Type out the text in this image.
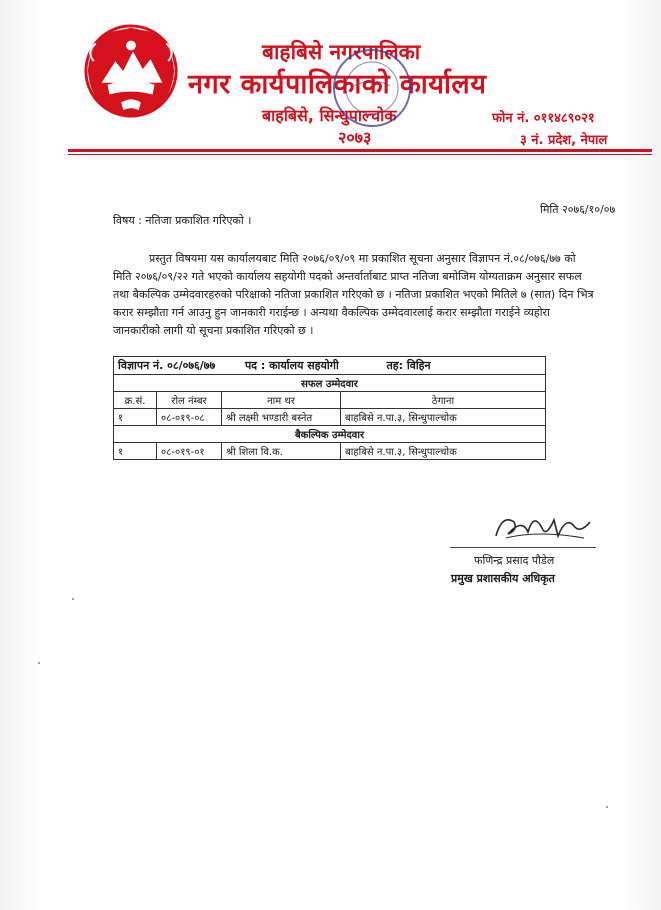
बाहबिसे नगरपालिका
नगर कार्यपालिकाको कार्यालय
बाहबिसे, सिन्धुपाल्चोक
२०७३
फोन नं. ०११४८९०२१
३ नं. प्रदेश, नेपाल
मिति २०७६/१०/०७
विषय : नतिजा प्रकाशित गरिएको ।
प्रस्तुत विषयमा यस कार्यालयबाट मिति २०७६/०९/०९ मा प्रकाशित सूचना अनुसार विज्ञापन नं.०८/०७६/७७ को
मिति २०७६/०९/२२ गते भएको कार्यालय सहयोगी पदको अन्तर्वार्ताबाट प्राप्त नतिजा बमोजिम योग्यताक्रम अनुसार सफल
तथा बैकल्पिक उम्मेदवारहरुको परिक्षाको नतिजा प्रकाशित गरिएको छ । नतिजा प्रकाशित भएको मितिले ७ (सात) दिन भित्र
करार सम्झौता गर्न आउनु हुन जानकारी गराईन्छ । अन्यथा वैकल्पिक उम्मेदवारलाई करार सम्झौता गराईने व्यहोरा
जानकारीको लागी यो सूचना प्रकाशित गरिएको छ ।
विज्ञापन नं. ०८/०७६/७७ पद : कार्यालय सहयोगी तह: विहिन			
सफल उम्मेदवार			
क्र.सं.	रोल नंम्बर	नाम थर	ठेगाना
१	०८-०१९-०८	श्री लक्ष्मी भण्डारी बस्नेत	बाहबिसे न.पा.३, सिन्धुपाल्चोक
बैकल्पिक उम्मेदवार			
१	०८-०१९-०१	श्री शिला वि.क.	बाहबिसे न.पा.३, सिन्धुपाल्चोक
फणिन्द्र प्रसाद पौडेल
प्रमुख प्रशासकीय अधिकृत
